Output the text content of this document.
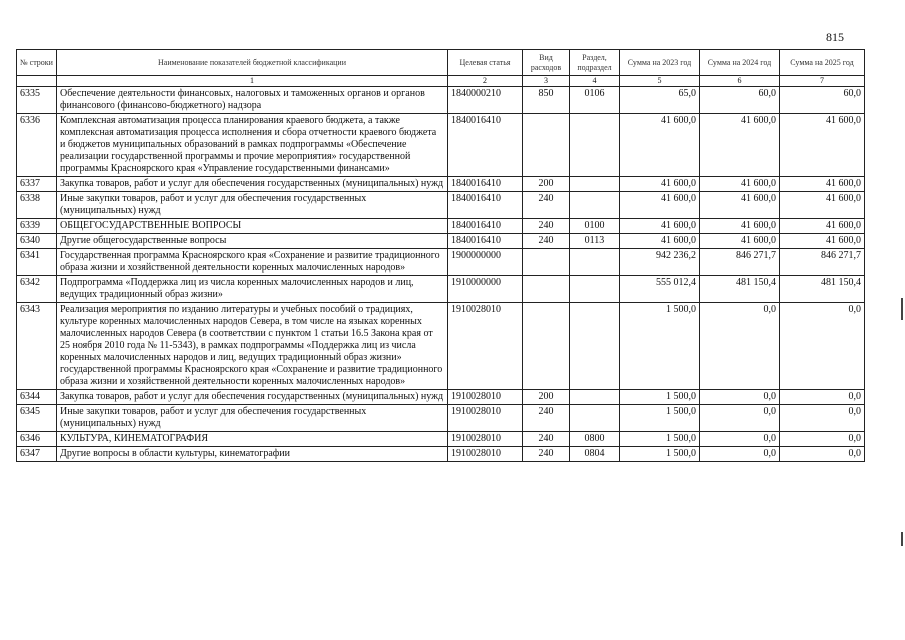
815
№ строки	Наименование показателей бюджетной классификации	Целевая статья	Вид расходов	Раздел, подраздел	Сумма на 2023 год	Сумма на 2024 год	Сумма на 2025 год
	1	2	3	4	5	6	7
6335	Обеспечение деятельности финансовых, налоговых и таможенных органов и органов финансового (финансово-бюджетного) надзора	1840000210	850	0106	65,0	60,0	60,0
6336	Комплексная автоматизация процесса планирования краевого бюджета, а также комплексная автоматизация процесса исполнения и сбора отчетности краевого бюджета и бюджетов муниципальных образований в рамках подпрограммы «Обеспечение реализации государственной программы и прочие мероприятия» государственной программы Красноярского края «Управление государственными финансами»	1840016410			41 600,0	41 600,0	41 600,0
6337	Закупка товаров, работ и услуг для обеспечения государственных (муниципальных) нужд	1840016410	200		41 600,0	41 600,0	41 600,0
6338	Иные закупки товаров, работ и услуг для обеспечения государственных (муниципальных) нужд	1840016410	240		41 600,0	41 600,0	41 600,0
6339	ОБЩЕГОСУДАРСТВЕННЫЕ ВОПРОСЫ	1840016410	240	0100	41 600,0	41 600,0	41 600,0
6340	Другие общегосударственные вопросы	1840016410	240	0113	41 600,0	41 600,0	41 600,0
6341	Государственная программа Красноярского края «Сохранение и развитие традиционного образа жизни и хозяйственной деятельности коренных малочисленных народов»	1900000000			942 236,2	846 271,7	846 271,7
6342	Подпрограмма «Поддержка лиц из числа коренных малочисленных народов и лиц, ведущих традиционный образ жизни»	1910000000			555 012,4	481 150,4	481 150,4
6343	Реализация мероприятия по изданию литературы и учебных пособий о традициях, культуре коренных малочисленных народов Севера, в том числе на языках коренных малочисленных народов Севера (в соответствии с пунктом 1 статьи 16.5 Закона края от 25 ноября 2010 года № 11-5343), в рамках подпрограммы «Поддержка лиц из числа коренных малочисленных народов и лиц, ведущих традиционный образ жизни» государственной программы Красноярского края «Сохранение и развитие традиционного образа жизни и хозяйственной деятельности коренных малочисленных народов»	1910028010			1 500,0	0,0	0,0
6344	Закупка товаров, работ и услуг для обеспечения государственных (муниципальных) нужд	1910028010	200		1 500,0	0,0	0,0
6345	Иные закупки товаров, работ и услуг для обеспечения государственных (муниципальных) нужд	1910028010	240		1 500,0	0,0	0,0
6346	КУЛЬТУРА, КИНЕМАТОГРАФИЯ	1910028010	240	0800	1 500,0	0,0	0,0
6347	Другие вопросы в области культуры, кинематографии	1910028010	240	0804	1 500,0	0,0	0,0
